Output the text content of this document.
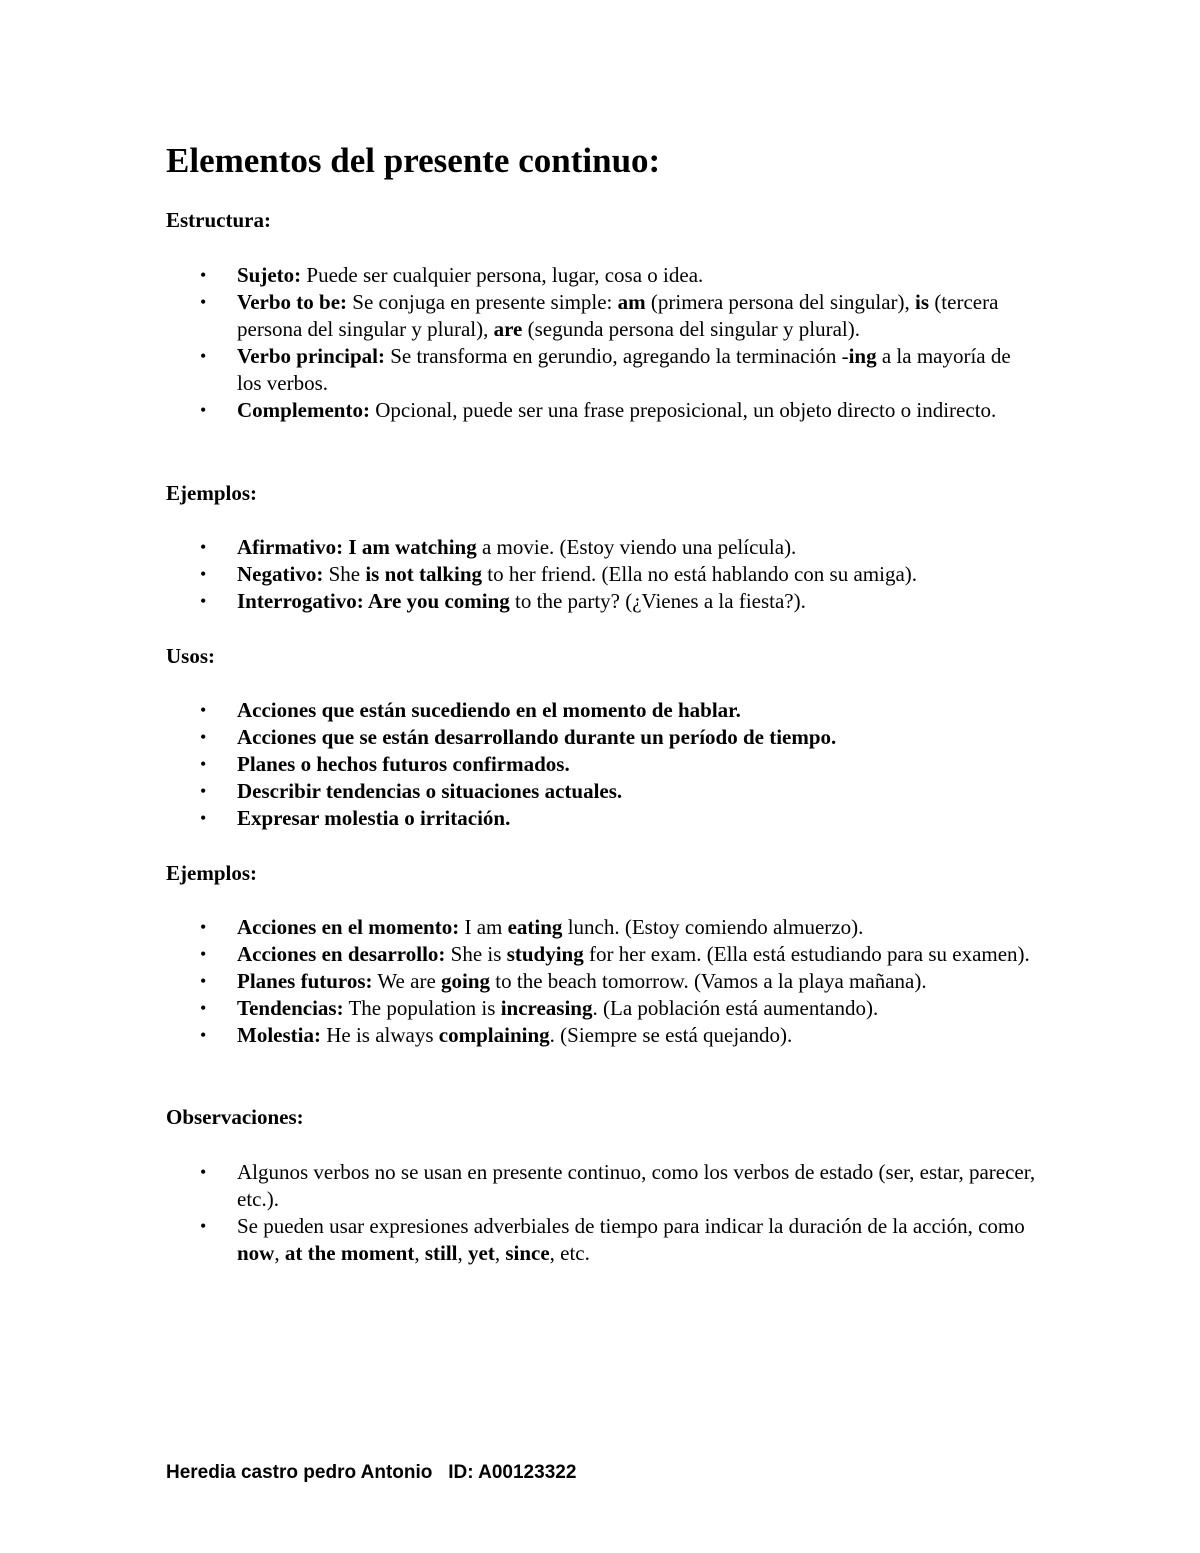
Elementos del presente continuo:
Estructura:
• Sujeto: Puede ser cualquier persona, lugar, cosa o idea.
• Verbo to be: Se conjuga en presente simple: am (primera persona del singular), is (tercera persona del singular y plural), are (segunda persona del singular y plural).
• Verbo principal: Se transforma en gerundio, agregando la terminación -ing a la mayoría de los verbos.
• Complemento: Opcional, puede ser una frase preposicional, un objeto directo o indirecto.
Ejemplos:
• Afirmativo: I am watching a movie. (Estoy viendo una película).
• Negativo: She is not talking to her friend. (Ella no está hablando con su amiga).
• Interrogativo: Are you coming to the party? (¿Vienes a la fiesta?).
Usos:
• Acciones que están sucediendo en el momento de hablar.
• Acciones que se están desarrollando durante un período de tiempo.
• Planes o hechos futuros confirmados.
• Describir tendencias o situaciones actuales.
• Expresar molestia o irritación.
Ejemplos:
• Acciones en el momento: I am eating lunch. (Estoy comiendo almuerzo).
• Acciones en desarrollo: She is studying for her exam. (Ella está estudiando para su examen).
• Planes futuros: We are going to the beach tomorrow. (Vamos a la playa mañana).
• Tendencias: The population is increasing. (La población está aumentando).
• Molestia: He is always complaining. (Siempre se está quejando).
Observaciones:
• Algunos verbos no se usan en presente continuo, como los verbos de estado (ser, estar, parecer, etc.).
• Se pueden usar expresiones adverbiales de tiempo para indicar la duración de la acción, como now, at the moment, still, yet, since, etc.
Heredia castro pedro Antonio ID: A00123322
